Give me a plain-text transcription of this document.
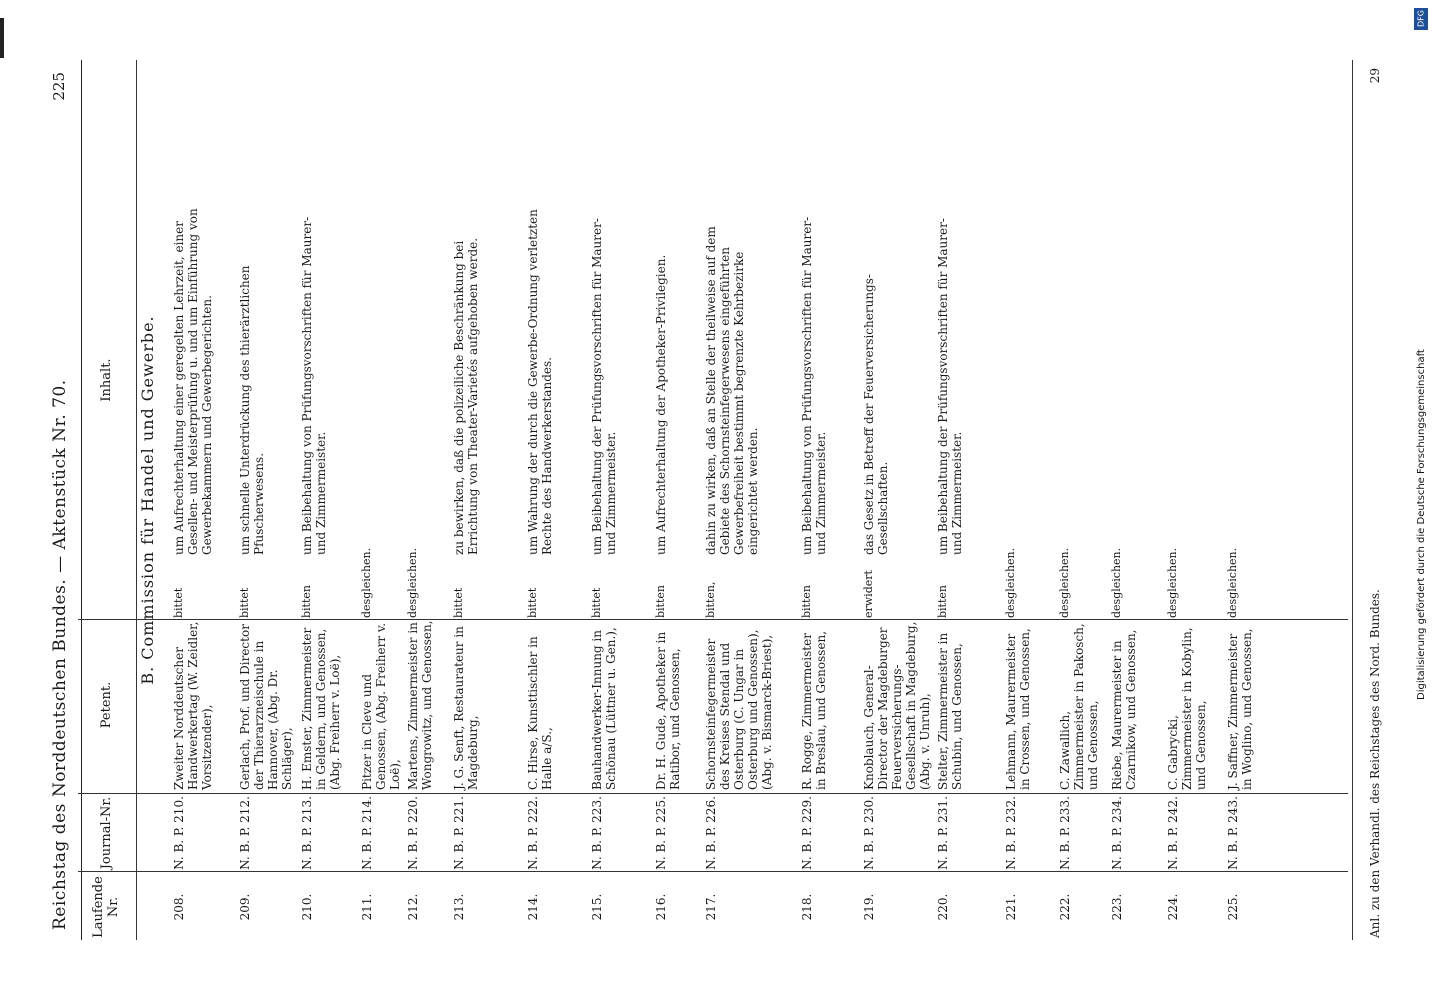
Reichstag des Norddeutschen Bundes. — Aktenstück Nr. 70.
225
Laufende Nr.
Journal-Nr.
Petent.
Inhalt.	B. Commission für Handel und Gewerbe.
208.
N. B. P. 210.
Zweiter Norddeutscher Handwerkertag (W. Zeidler, Vorsitzender),
bittet
um Aufrechterhaltung einer geregelten Lehrzeit, einer Gesellen- und Meisterprüfung u. und um Einführung von Gewerbekammern und Gewerbegerichten.
209.
N. B. P. 212.
Gerlach, Prof. und Director der Thierarzneischule in Hannover, (Abg. Dr. Schläger),
bittet
um schnelle Unterdrückung des thierärztlichen Pfuscherwesens.
210.
N. B. P. 213.
H. Emster, Zimmermeister in Geldern, und Genossen, (Abg. Freiherr v. Loë),
bitten
um Beibehaltung von Prüfungsvorschriften für Maurer- und Zimmermeister.
211.
N. B. P. 214.
Pitzer in Cleve und Genossen, (Abg. Freiherr v. Loë),
desgleichen.
212.
N. B. P. 220.
Martens, Zimmermeister in Wongrowitz, und Genossen,
desgleichen.
213.
N. B. P. 221.
J. G. Senft, Restaurateur in Magdeburg,
bittet
zu bewirken, daß die polizeiliche Beschränkung bei Errichtung von Theater-Varietés aufgehoben werde.
214.
N. B. P. 222.
C. Hirse, Kunsttischler in Halle a/S.,
bittet
um Wahrung der durch die Gewerbe-Ordnung verletzten Rechte des Handwerkerstandes.
215.
N. B. P. 223.
Bauhandwerker-Innung in Schönau (Lüttner u. Gen.),
bittet
um Beibehaltung der Prüfungsvorschriften für Maurer- und Zimmermeister.
216.
N. B. P. 225.
Dr. H. Gude, Apotheker in Ratibor, und Genossen,
bitten
um Aufrechterhaltung der Apotheker-Privilegien.
217.
N. B. P. 226.
Schornsteinfegermeister des Kreises Stendal und Osterburg (C. Ungar in Osterburg und Genossen), (Abg. v. Bismarck-Briest),
bitten,
dahin zu wirken, daß an Stelle der theilweise auf dem Gebiete des Schornsteinfegerwesens eingeführten Gewerbefreiheit bestimmt begrenzte Kehrbezirke eingerichtet werden.
218.
N. B. P. 229.
R. Rogge, Zimmermeister in Breslau, und Genossen,
bitten
um Beibehaltung von Prüfungsvorschriften für Maurer- und Zimmermeister.
219.
N. B. P. 230.
Knoblauch, General-Director der Magdeburger Feuerversicherungs-Gesellschaft in Magdeburg, (Abg. v. Unruh),
erwidert
das Gesetz in Betreff der Feuerversicherungs-Gesellschaften.
220.
N. B. P. 231.
Stelter, Zimmermeister in Schubin, und Genossen,
bitten
um Beibehaltung der Prüfungsvorschriften für Maurer- und Zimmermeister.
221.
N. B. P. 232.
Lehmann, Maurermeister in Crossen, und Genossen,
desgleichen.
222.
N. B. P. 233.
C. Zawallich, Zimmermeister in Pakosch, und Genossen,
desgleichen.
223.
N. B. P. 234.
Riebe, Maurermeister in Czarnikow, und Genossen,
desgleichen.
224.
N. B. P. 242.
C. Gabrycki, Zimmermeister in Kobylin, und Genossen,
desgleichen.
225.
N. B. P. 243.
J. Saffner, Zimmermeister in Woglino, und Genossen,
desgleichen.
Anl. zu den Verhandl. des Reichstages des Nord. Bundes.
29
Digitalisierung gefördert durch die Deutsche Forschungsgemeinschaft
DFG
